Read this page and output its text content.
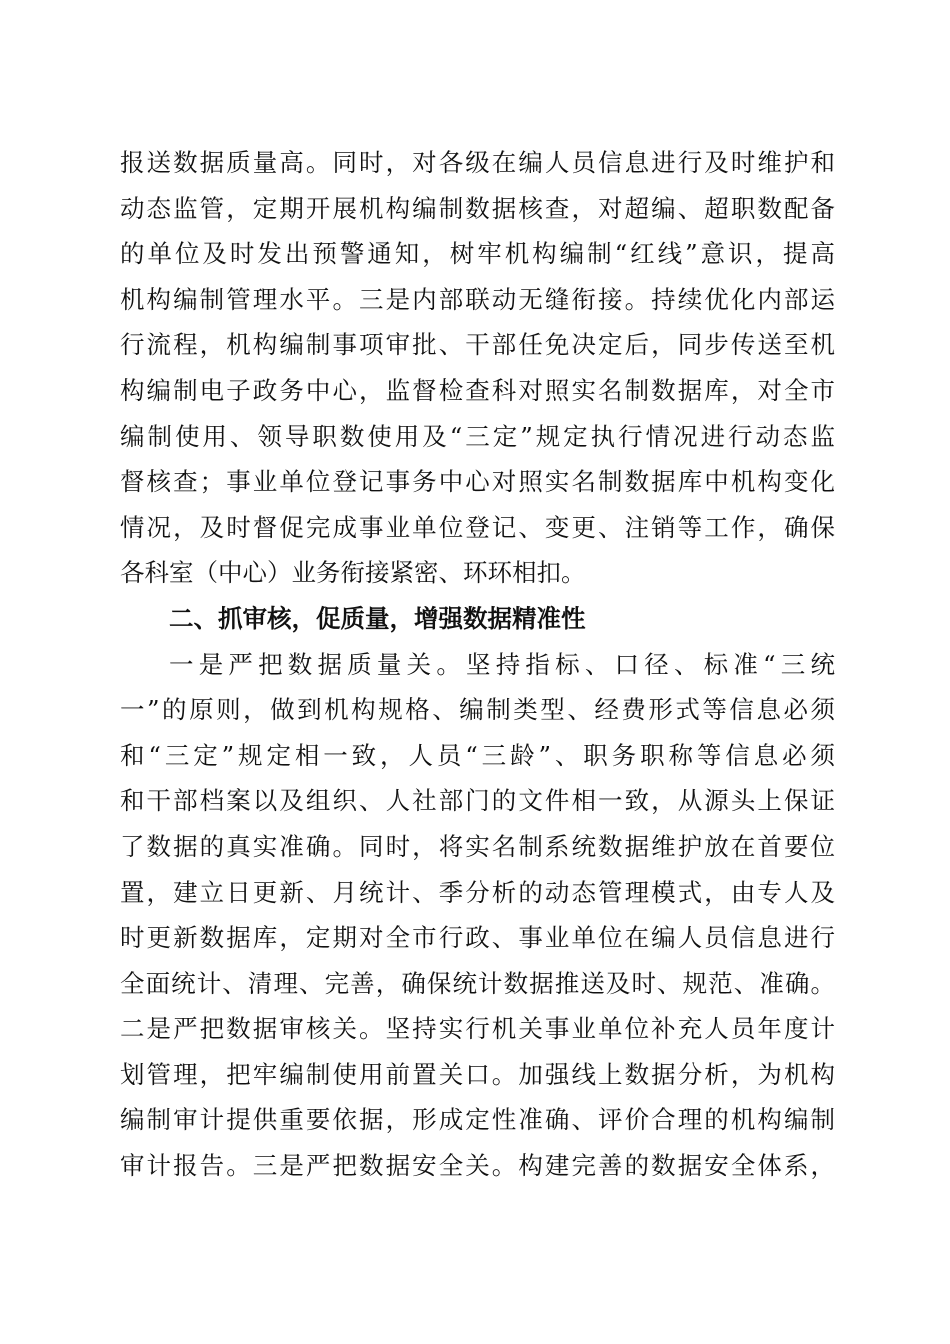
报送数据质量高。同时，对各级在编人员信息进行及时维护和
动态监管，定期开展机构编制数据核查，对超编、超职数配备
的单位及时发出预警通知，树牢机构编制“红线”意识，提高
机构编制管理水平。三是内部联动无缝衔接。持续优化内部运
行流程，机构编制事项审批、干部任免决定后，同步传送至机
构编制电子政务中心，监督检查科对照实名制数据库，对全市
编制使用、领导职数使用及“三定”规定执行情况进行动态监
督核查；事业单位登记事务中心对照实名制数据库中机构变化
情况，及时督促完成事业单位登记、变更、注销等工作，确保
各科室（中心）业务衔接紧密、环环相扣。
二、抓审核，促质量，增强数据精准性
一是严把数据质量关。坚持指标、口径、标准“三统
一”的原则，做到机构规格、编制类型、经费形式等信息必须
和“三定”规定相一致，人员“三龄”、职务职称等信息必须
和干部档案以及组织、人社部门的文件相一致，从源头上保证
了数据的真实准确。同时，将实名制系统数据维护放在首要位
置，建立日更新、月统计、季分析的动态管理模式，由专人及
时更新数据库，定期对全市行政、事业单位在编人员信息进行
全面统计、清理、完善，确保统计数据推送及时、规范、准确。
二是严把数据审核关。坚持实行机关事业单位补充人员年度计
划管理，把牢编制使用前置关口。加强线上数据分析，为机构
编制审计提供重要依据，形成定性准确、评价合理的机构编制
审计报告。三是严把数据安全关。构建完善的数据安全体系，
